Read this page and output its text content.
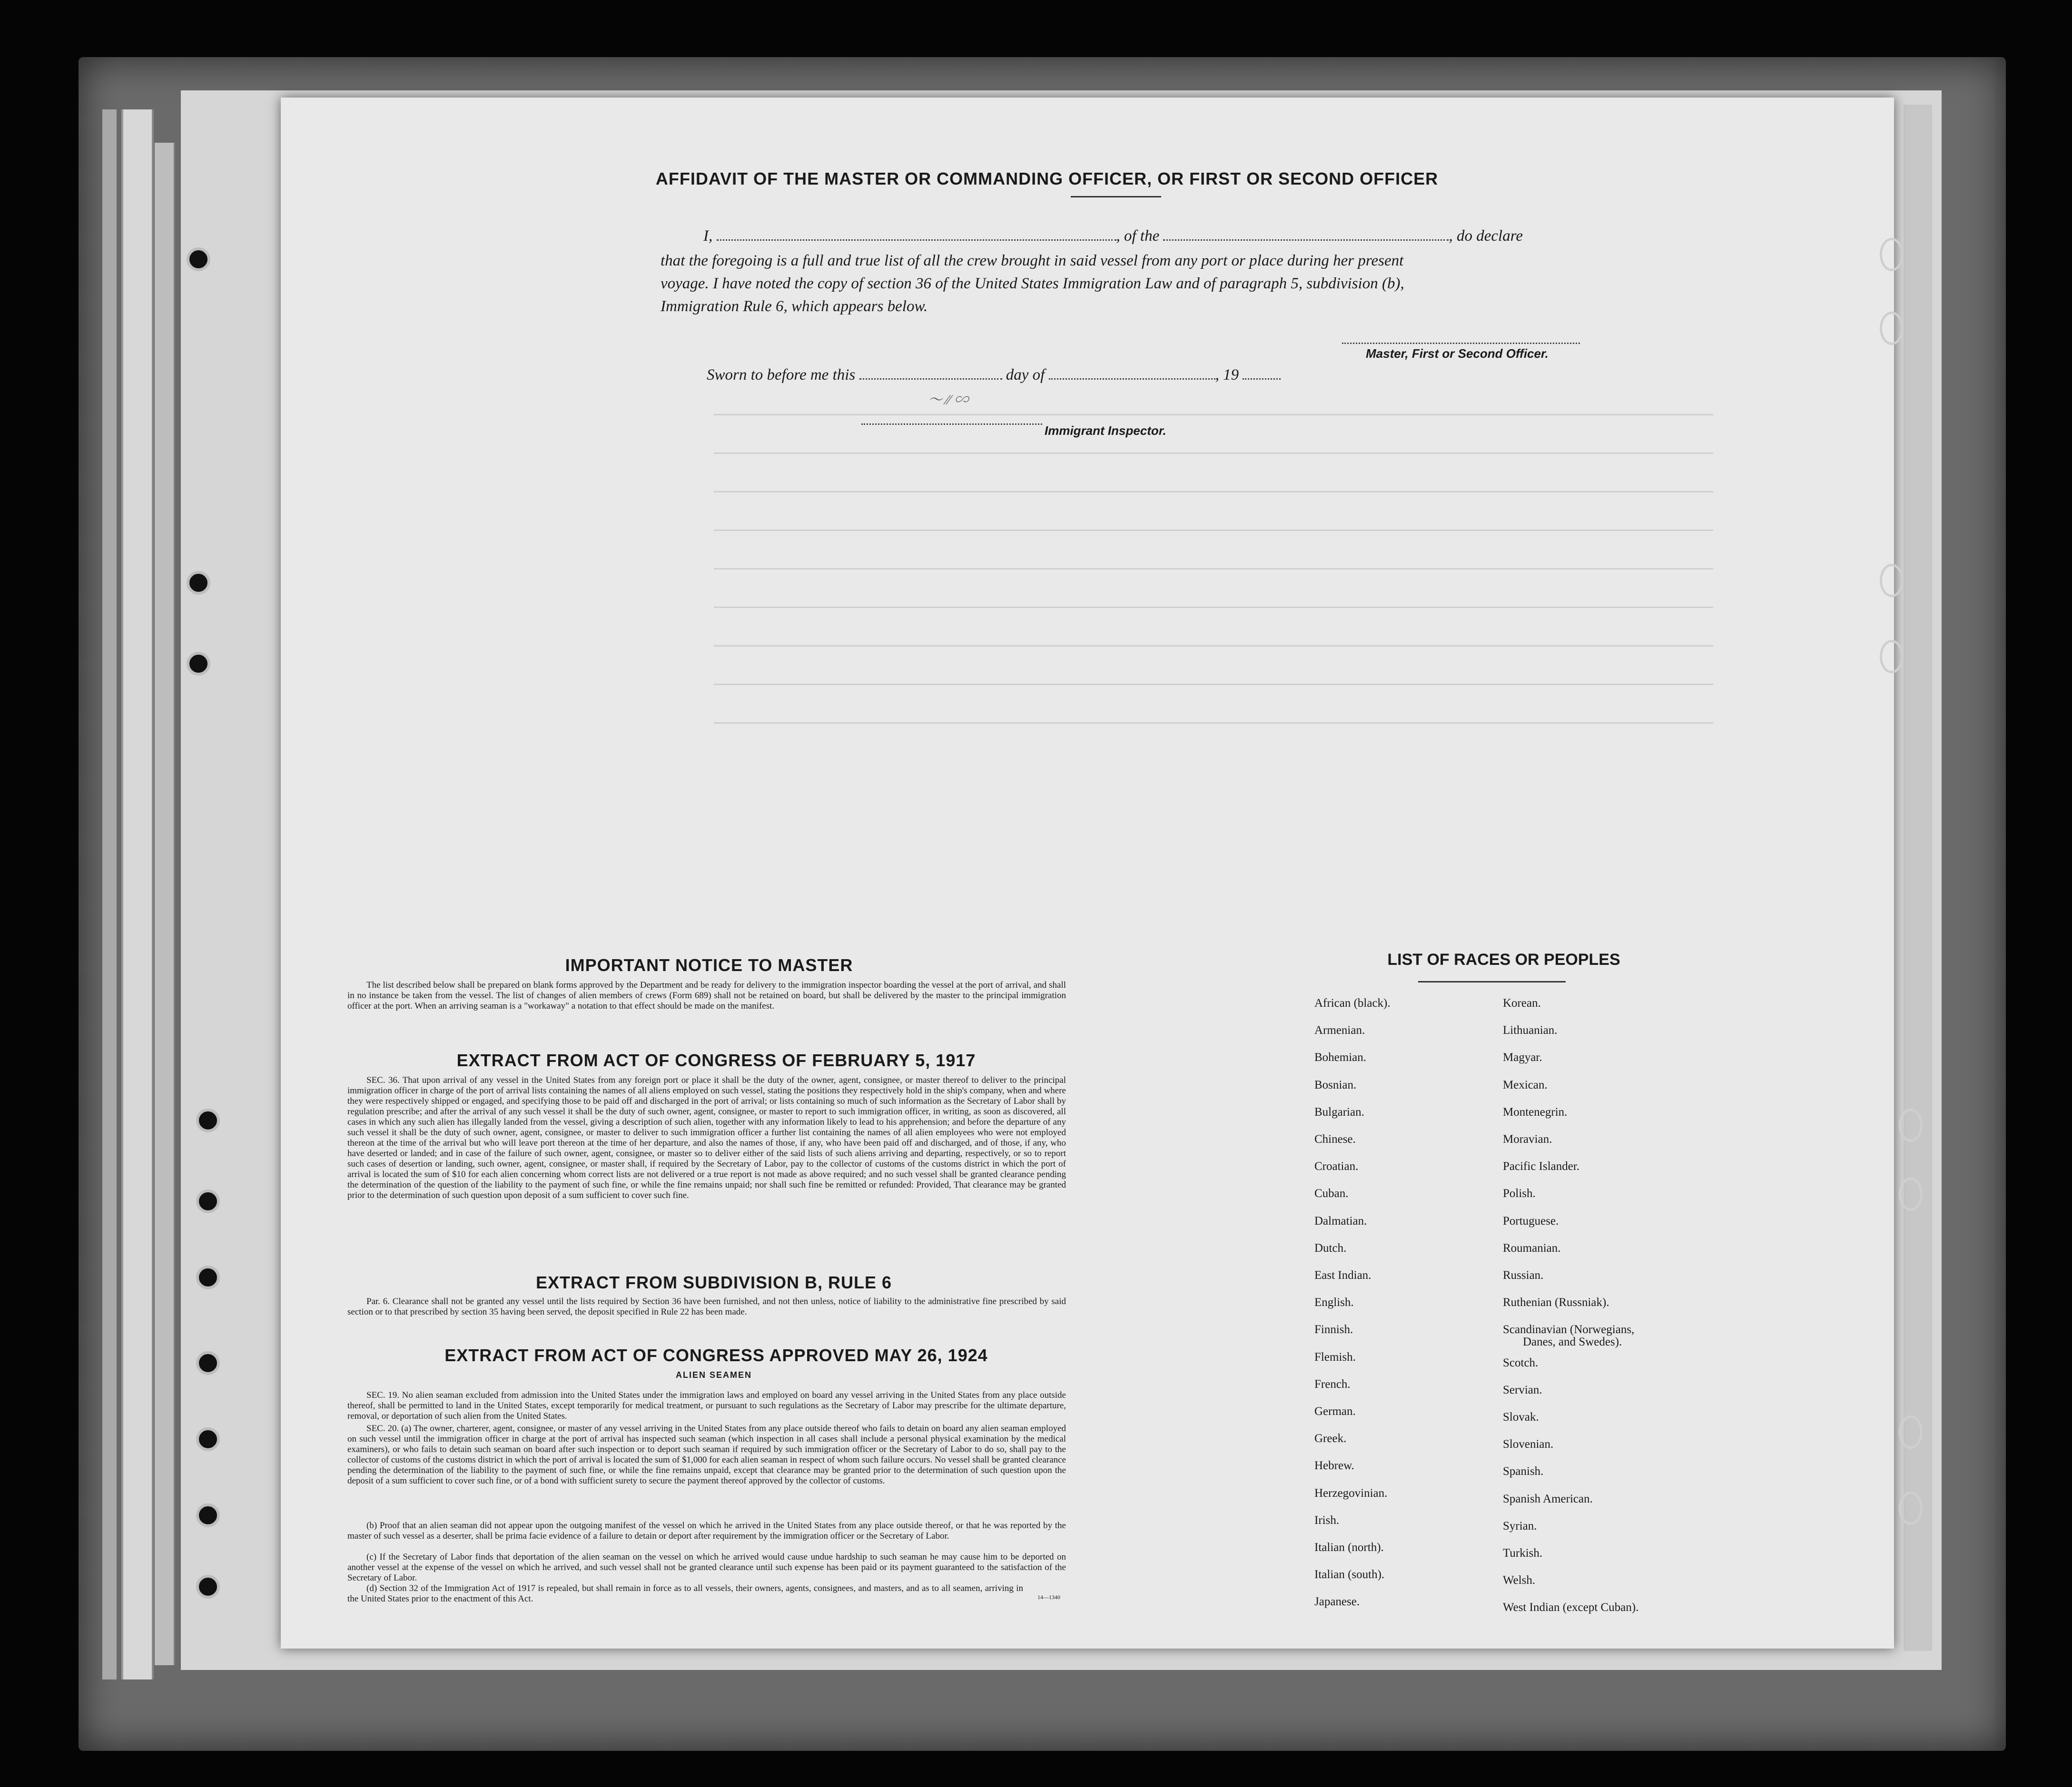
AFFIDAVIT OF THE MASTER OR COMMANDING OFFICER, OR FIRST OR SECOND OFFICER
I,	, of the	, do declare
that the foregoing is a full and true list of all the crew brought in said vessel from any port or place during her present
voyage. I have noted the copy of section 36 of the United States Immigration Law and of paragraph 5, subdivision (b),
Immigration Rule 6, which appears below.
Master, First or Second Officer.
Sworn to before me this	day of	, 19
〜 ⁄⁄ ∽
Immigrant Inspector.
IMPORTANT NOTICE TO MASTER
The list described below shall be prepared on blank forms approved by the Department and be ready for delivery to the immigration inspector boarding the vessel at the port of arrival, and shall in no instance be taken from the vessel. The list of changes of alien members of crews (Form 689) shall not be retained on board, but shall be delivered by the master to the principal immigration officer at the port. When an arriving seaman is a "workaway" a notation to that effect should be made on the manifest.
EXTRACT FROM ACT OF CONGRESS OF FEBRUARY 5, 1917
SEC. 36. That upon arrival of any vessel in the United States from any foreign port or place it shall be the duty of the owner, agent, consignee, or master thereof to deliver to the principal immigration officer in charge of the port of arrival lists containing the names of all aliens employed on such vessel, stating the positions they respectively hold in the ship's company, when and where they were respectively shipped or engaged, and specifying those to be paid off and discharged in the port of arrival; or lists containing so much of such information as the Secretary of Labor shall by regulation prescribe; and after the arrival of any such vessel it shall be the duty of such owner, agent, consignee, or master to report to such immigration officer, in writing, as soon as discovered, all cases in which any such alien has illegally landed from the vessel, giving a description of such alien, together with any information likely to lead to his apprehension; and before the departure of any such vessel it shall be the duty of such owner, agent, consignee, or master to deliver to such immigration officer a further list containing the names of all alien employees who were not employed thereon at the time of the arrival but who will leave port thereon at the time of her departure, and also the names of those, if any, who have been paid off and discharged, and of those, if any, who have deserted or landed; and in case of the failure of such owner, agent, consignee, or master so to deliver either of the said lists of such aliens arriving and departing, respectively, or so to report such cases of desertion or landing, such owner, agent, consignee, or master shall, if required by the Secretary of Labor, pay to the collector of customs of the customs district in which the port of arrival is located the sum of $10 for each alien concerning whom correct lists are not delivered or a true report is not made as above required; and no such vessel shall be granted clearance pending the determination of the question of the liability to the payment of such fine, or while the fine remains unpaid; nor shall such fine be remitted or refunded: Provided, That clearance may be granted prior to the determination of such question upon deposit of a sum sufficient to cover such fine.
EXTRACT FROM SUBDIVISION B, RULE 6
Par. 6. Clearance shall not be granted any vessel until the lists required by Section 36 have been furnished, and not then unless, notice of liability to the administrative fine prescribed by said section or to that prescribed by section 35 having been served, the deposit specified in Rule 22 has been made.
EXTRACT FROM ACT OF CONGRESS APPROVED MAY 26, 1924
ALIEN SEAMEN
SEC. 19. No alien seaman excluded from admission into the United States under the immigration laws and employed on board any vessel arriving in the United States from any place outside thereof, shall be permitted to land in the United States, except temporarily for medical treatment, or pursuant to such regulations as the Secretary of Labor may prescribe for the ultimate departure, removal, or deportation of such alien from the United States.
SEC. 20. (a) The owner, charterer, agent, consignee, or master of any vessel arriving in the United States from any place outside thereof who fails to detain on board any alien seaman employed on such vessel until the immigration officer in charge at the port of arrival has inspected such seaman (which inspection in all cases shall include a personal physical examination by the medical examiners), or who fails to detain such seaman on board after such inspection or to deport such seaman if required by such immigration officer or the Secretary of Labor to do so, shall pay to the collector of customs of the customs district in which the port of arrival is located the sum of $1,000 for each alien seaman in respect of whom such failure occurs. No vessel shall be granted clearance pending the determination of the liability to the payment of such fine, or while the fine remains unpaid, except that clearance may be granted prior to the determination of such question upon the deposit of a sum sufficient to cover such fine, or of a bond with sufficient surety to secure the payment thereof approved by the collector of customs.
(b) Proof that an alien seaman did not appear upon the outgoing manifest of the vessel on which he arrived in the United States from any place outside thereof, or that he was reported by the master of such vessel as a deserter, shall be prima facie evidence of a failure to detain or deport after requirement by the immigration officer or the Secretary of Labor.
(c) If the Secretary of Labor finds that deportation of the alien seaman on the vessel on which he arrived would cause undue hardship to such seaman he may cause him to be deported on another vessel at the expense of the vessel on which he arrived, and such vessel shall not be granted clearance until such expense has been paid or its payment guaranteed to the satisfaction of the Secretary of Labor.
(d) Section 32 of the Immigration Act of 1917 is repealed, but shall remain in force as to all vessels, their owners, agents, consignees, and masters, and as to all seamen, arriving in the United States prior to the enactment of this Act.	14—1340
LIST OF RACES OR PEOPLES
African (black).
Armenian.
Bohemian.
Bosnian.
Bulgarian.
Chinese.
Croatian.
Cuban.
Dalmatian.
Dutch.
East Indian.
English.
Finnish.
Flemish.
French.
German.
Greek.
Hebrew.
Herzegovinian.
Irish.
Italian (north).
Italian (south).
Japanese.
Korean.
Lithuanian.
Magyar.
Mexican.
Montenegrin.
Moravian.
Pacific Islander.
Polish.
Portuguese.
Roumanian.
Russian.
Ruthenian (Russniak).
Scandinavian (Norwegians,
Danes, and Swedes).
Scotch.
Servian.
Slovak.
Slovenian.
Spanish.
Spanish American.
Syrian.
Turkish.
Welsh.
West Indian (except Cuban).
